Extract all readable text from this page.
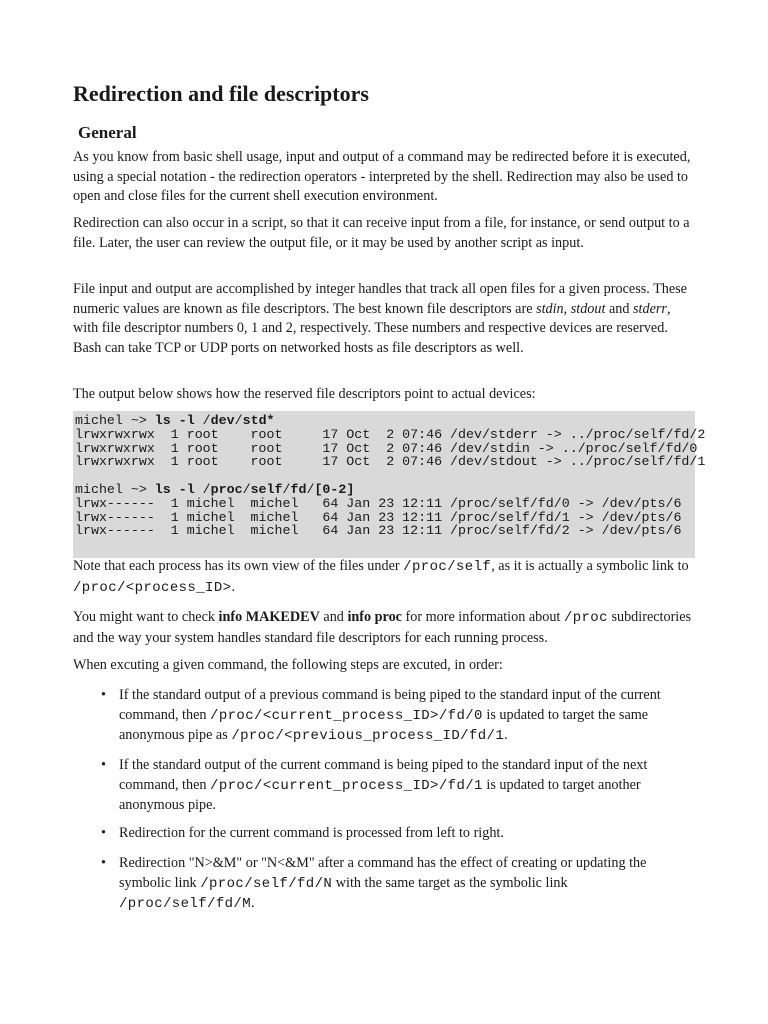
Redirection and file descriptors
General

As you know from basic shell usage, input and output of a command may be redirected before it is executed, using a special notation - the redirection operators - interpreted by the shell. Redirection may also be used to open and close files for the current shell execution environment.

Redirection can also occur in a script, so that it can receive input from a file, for instance, or send output to a file. Later, the user can review the output file, or it may be used by another script as input.

File input and output are accomplished by integer handles that track all open files for a given process. These numeric values are known as file descriptors. The best known file descriptors are stdin, stdout and stderr, with file descriptor numbers 0, 1 and 2, respectively. These numbers and respective devices are reserved. Bash can take TCP or UDP ports on networked hosts as file descriptors as well.

The output below shows how the reserved file descriptors point to actual devices:

michel ~> ls -l /dev/std*
lrwxrwxrwx  1 root    root     17 Oct  2 07:46 /dev/stderr -> ../proc/self/fd/2
lrwxrwxrwx  1 root    root     17 Oct  2 07:46 /dev/stdin -> ../proc/self/fd/0
lrwxrwxrwx  1 root    root     17 Oct  2 07:46 /dev/stdout -> ../proc/self/fd/1
michel ~> ls -l /proc/self/fd/[0-2]
lrwx------  1 michel  michel   64 Jan 23 12:11 /proc/self/fd/0 -> /dev/pts/6
lrwx------  1 michel  michel   64 Jan 23 12:11 /proc/self/fd/1 -> /dev/pts/6
lrwx------  1 michel  michel   64 Jan 23 12:11 /proc/self/fd/2 -> /dev/pts/6

Note that each process has its own view of the files under /proc/self, as it is actually a symbolic link to /proc/<process_ID>.

You might want to check info MAKEDEV and info proc for more information about /proc subdirectories and the way your system handles standard file descriptors for each running process.

When excuting a given command, the following steps are excuted, in order:

• If the standard output of a previous command is being piped to the standard input of the current command, then /proc/<current_process_ID>/fd/0 is updated to target the same anonymous pipe as /proc/<previous_process_ID/fd/1.
• If the standard output of the current command is being piped to the standard input of the next command, then /proc/<current_process_ID>/fd/1 is updated to target another anonymous pipe.
• Redirection for the current command is processed from left to right.
• Redirection "N>&M" or "N<&M" after a command has the effect of creating or updating the symbolic link /proc/self/fd/N with the same target as the symbolic link /proc/self/fd/M.
